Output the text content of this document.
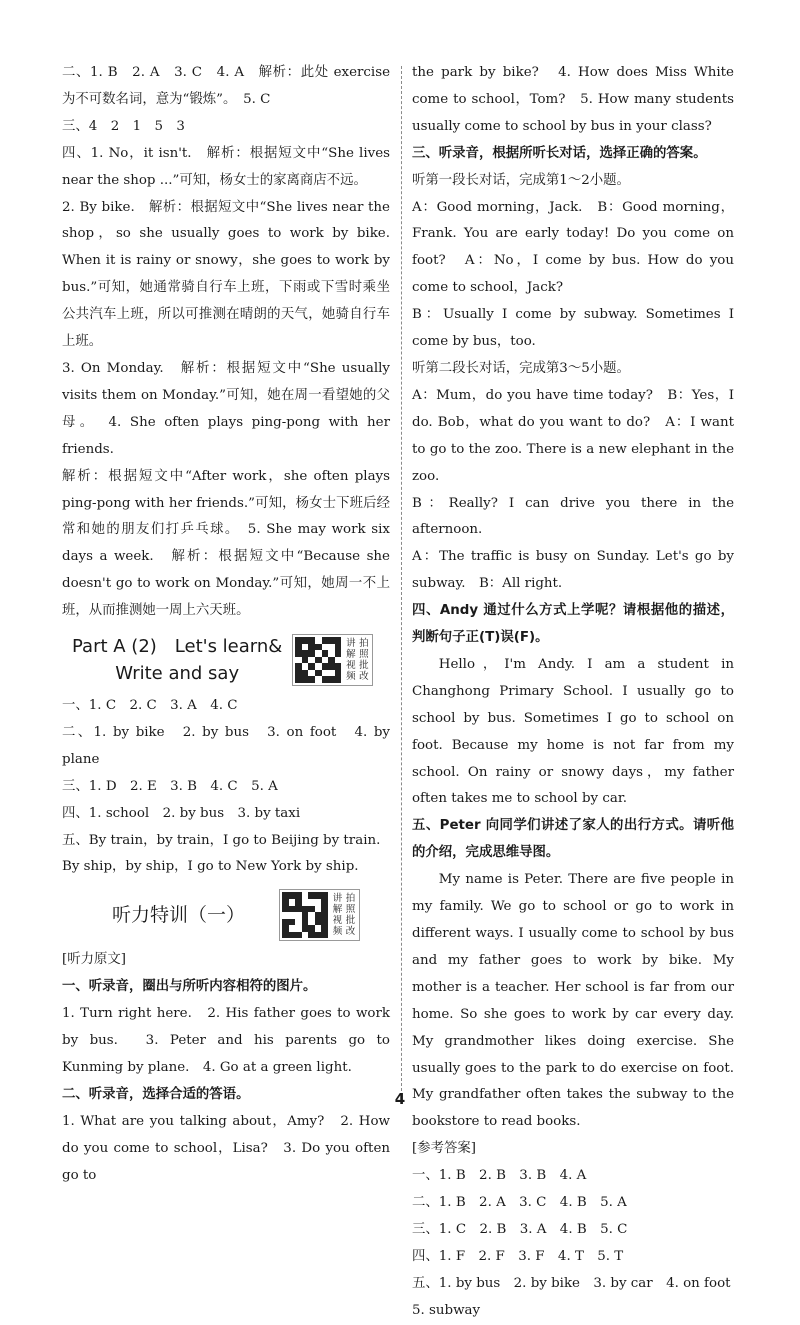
二、1. B　2. A　3. C　4. A　解析：此处 exercise 为不可数名词，意为“锻炼”。　5. C

三、4　2　1　5　3

四、1. No，it isn't.　解析：根据短文中“She lives near the shop ...”可知，杨女士的家离商店不远。

2. By bike.　解析：根据短文中“She lives near the shop，so she usually goes to work by bike. When it is rainy or snowy，she goes to work by bus.”可知，她通常骑自行车上班，下雨或下雪时乘坐公共汽车上班，所以可推测在晴朗的天气，她骑自行车上班。

3. On Monday.　解析：根据短文中“She usually visits them on Monday.”可知，她在周一看望她的父母。　4. She often plays ping-pong with her friends.

解析：根据短文中“After work，she often plays ping-pong with her friends.”可知，杨女士下班后经常和她的朋友们打乒乓球。　5. She may work six days a week.　解析：根据短文中“Because she doesn't go to work on Monday.”可知，她周一不上班，从而推测她一周上六天班。

Part A (2)　Let's learn&
Write and say
讲 拍
解 照
视 批
频 改

一、1. C　2. C　3. A　4. C

二、1. by bike　2. by bus　3. on foot　4. by plane

三、1. D　2. E　3. B　4. C　5. A

四、1. school　2. by bus　3. by taxi

五、By train，by train，I go to Beijing by train.

By ship，by ship，I go to New York by ship.

听力特训（一）
讲 拍
解 照
视 批
频 改

[听力原文]

一、听录音，圈出与所听内容相符的图片。

1. Turn right here.　2. His father goes to work by bus.　3. Peter and his parents go to Kunming by plane.　4. Go at a green light.

二、听录音，选择合适的答语。

1. What are you talking about，Amy?　2. How do you come to school，Lisa?　3. Do you often go to

the park by bike?　4. How does Miss White come to school，Tom?　5. How many students usually come to school by bus in your class?

三、听录音，根据所听长对话，选择正确的答案。

听第一段长对话，完成第1～2小题。

A：Good morning，Jack.　B：Good morning，Frank. You are early today! Do you come on foot?　A：No，I come by bus. How do you come to school，Jack?

B：Usually I come by subway. Sometimes I come by bus，too.

听第二段长对话，完成第3～5小题。

A：Mum，do you have time today?　B：Yes，I do. Bob，what do you want to do?　A：I want to go to the zoo. There is a new elephant in the zoo.

B：Really? I can drive you there in the afternoon.

A：The traffic is busy on Sunday. Let's go by subway.　B：All right.

四、Andy 通过什么方式上学呢？请根据他的描述，判断句子正(T)误(F)。

Hello，I'm Andy. I am a student in Changhong Primary School. I usually go to school by bus. Sometimes I go to school on foot. Because my home is not far from my school. On rainy or snowy days，my father often takes me to school by car.

五、Peter 向同学们讲述了家人的出行方式。请听他的介绍，完成思维导图。

My name is Peter. There are five people in my family. We go to school or go to work in different ways. I usually come to school by bus and my father goes to work by bike. My mother is a teacher. Her school is far from our home. So she goes to work by car every day. My grandmother likes doing exercise. She usually goes to the park to do exercise on foot. My grandfather often takes the subway to the bookstore to read books.

[参考答案]

一、1. B　2. B　3. B　4. A

二、1. B　2. A　3. C　4. B　5. A

三、1. C　2. B　3. A　4. B　5. C

四、1. F　2. F　3. F　4. T　5. T

五、1. by bus　2. by bike　3. by car　4. on foot

5. subway

4
